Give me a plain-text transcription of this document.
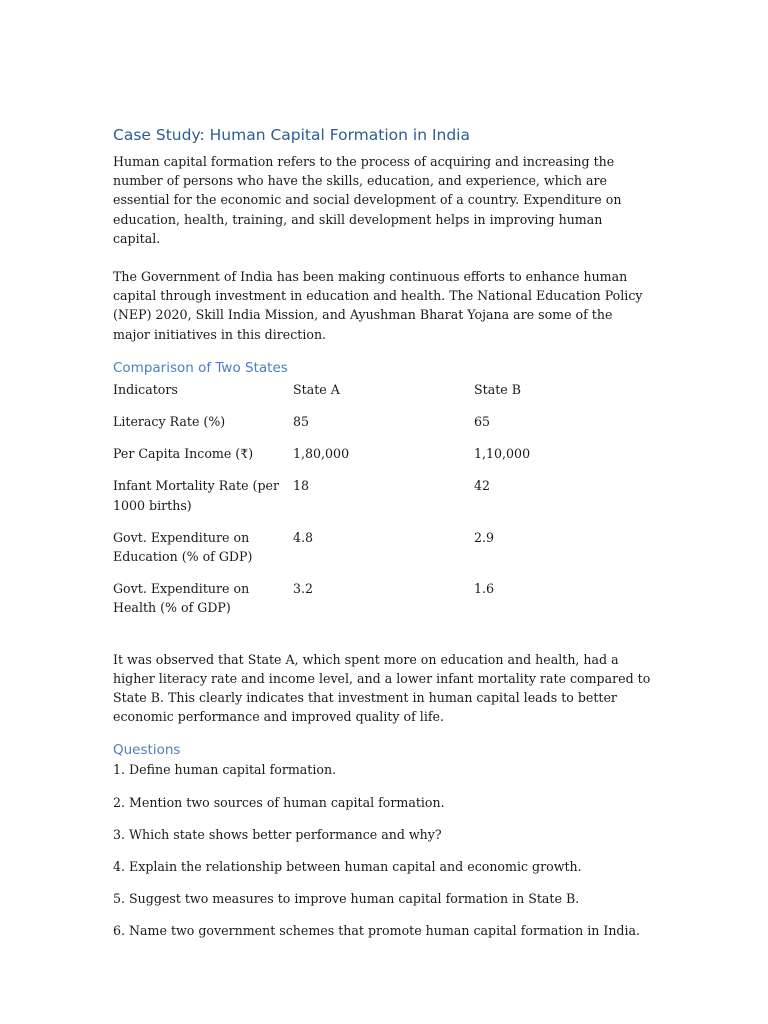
Case Study: Human Capital Formation in India

Human capital formation refers to the process of acquiring and increasing the number of persons who have the skills, education, and experience, which are essential for the economic and social development of a country. Expenditure on education, health, training, and skill development helps in improving human capital.

The Government of India has been making continuous efforts to enhance human capital through investment in education and health. The National Education Policy (NEP) 2020, Skill India Mission, and Ayushman Bharat Yojana are some of the major initiatives in this direction.

Comparison of Two States
Indicators	State A	State B
Literacy Rate (%)	85	65
Per Capita Income (₹)	1,80,000	1,10,000
Infant Mortality Rate (per 1000 births)	18	42
Govt. Expenditure on Education (% of GDP)	4.8	2.9
Govt. Expenditure on Health (% of GDP)	3.2	1.6

It was observed that State A, which spent more on education and health, had a higher literacy rate and income level, and a lower infant mortality rate compared to State B. This clearly indicates that investment in human capital leads to better economic performance and improved quality of life.

Questions
1. Define human capital formation.
2. Mention two sources of human capital formation.
3. Which state shows better performance and why?
4. Explain the relationship between human capital and economic growth.
5. Suggest two measures to improve human capital formation in State B.
6. Name two government schemes that promote human capital formation in India.
